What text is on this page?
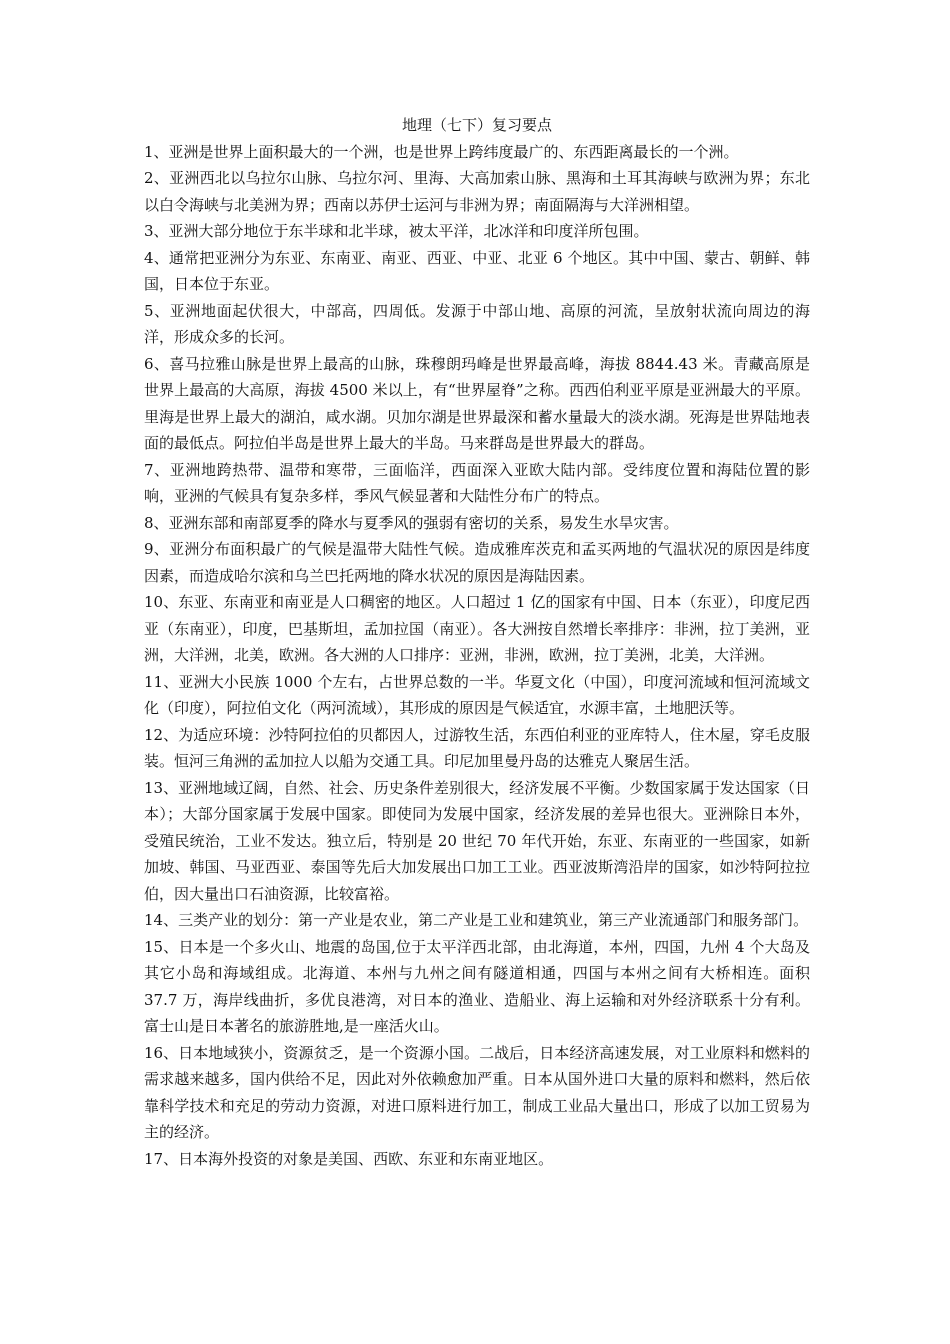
地理（七下）复习要点

1、亚洲是世界上面积最大的一个洲，也是世界上跨纬度最广的、东西距离最长的一个洲。

2、亚洲西北以乌拉尔山脉、乌拉尔河、里海、大高加索山脉、黑海和土耳其海峡与欧洲为界；东北以白令海峡与北美洲为界；西南以苏伊士运河与非洲为界；南面隔海与大洋洲相望。

3、亚洲大部分地位于东半球和北半球，被太平洋，北冰洋和印度洋所包围。

4、通常把亚洲分为东亚、东南亚、南亚、西亚、中亚、北亚 6 个地区。其中中国、蒙古、朝鲜、韩国，日本位于东亚。

5、亚洲地面起伏很大，中部高，四周低。发源于中部山地、高原的河流，呈放射状流向周边的海洋，形成众多的长河。

6、喜马拉雅山脉是世界上最高的山脉，珠穆朗玛峰是世界最高峰，海拔 8844.43 米。青藏高原是世界上最高的大高原，海拔 4500 米以上，有“世界屋脊”之称。西西伯利亚平原是亚洲最大的平原。里海是世界上最大的湖泊，咸水湖。贝加尔湖是世界最深和蓄水量最大的淡水湖。死海是世界陆地表面的最低点。阿拉伯半岛是世界上最大的半岛。马来群岛是世界最大的群岛。

7、亚洲地跨热带、温带和寒带，三面临洋，西面深入亚欧大陆内部。受纬度位置和海陆位置的影响，亚洲的气候具有复杂多样，季风气候显著和大陆性分布广的特点。

8、亚洲东部和南部夏季的降水与夏季风的强弱有密切的关系，易发生水旱灾害。

9、亚洲分布面积最广的气候是温带大陆性气候。造成雅库茨克和孟买两地的气温状况的原因是纬度因素，而造成哈尔滨和乌兰巴托两地的降水状况的原因是海陆因素。

10、东亚、东南亚和南亚是人口稠密的地区。人口超过 1 亿的国家有中国、日本（东亚），印度尼西亚（东南亚），印度，巴基斯坦，孟加拉国（南亚）。各大洲按自然增长率排序：非洲，拉丁美洲，亚洲，大洋洲，北美，欧洲。各大洲的人口排序：亚洲，非洲，欧洲，拉丁美洲，北美，大洋洲。

11、亚洲大小民族 1000 个左右，占世界总数的一半。华夏文化（中国），印度河流域和恒河流域文化（印度），阿拉伯文化（两河流域），其形成的原因是气候适宜，水源丰富，土地肥沃等。

12、为适应环境：沙特阿拉伯的贝都因人，过游牧生活，东西伯利亚的亚库特人，住木屋，穿毛皮服装。恒河三角洲的孟加拉人以船为交通工具。印尼加里曼丹岛的达雅克人聚居生活。

13、亚洲地域辽阔，自然、社会、历史条件差别很大，经济发展不平衡。少数国家属于发达国家（日本）；大部分国家属于发展中国家。即使同为发展中国家，经济发展的差异也很大。亚洲除日本外，受殖民统治，工业不发达。独立后，特别是 20 世纪 70 年代开始，东亚、东南亚的一些国家，如新加坡、韩国、马亚西亚、泰国等先后大加发展出口加工工业。西亚波斯湾沿岸的国家，如沙特阿拉拉伯，因大量出口石油资源，比较富裕。

14、三类产业的划分：第一产业是农业，第二产业是工业和建筑业，第三产业流通部门和服务部门。

15、日本是一个多火山、地震的岛国,位于太平洋西北部，由北海道，本州，四国，九州 4 个大岛及其它小岛和海域组成。北海道、本州与九州之间有隧道相通，四国与本州之间有大桥相连。面积 37.7 万，海岸线曲折，多优良港湾，对日本的渔业、造船业、海上运输和对外经济联系十分有利。富士山是日本著名的旅游胜地,是一座活火山。

16、日本地域狭小，资源贫乏，是一个资源小国。二战后，日本经济高速发展，对工业原料和燃料的需求越来越多，国内供给不足，因此对外依赖愈加严重。日本从国外进口大量的原料和燃料，然后依靠科学技术和充足的劳动力资源，对进口原料进行加工，制成工业品大量出口，形成了以加工贸易为主的经济。

17、日本海外投资的对象是美国、西欧、东亚和东南亚地区。
